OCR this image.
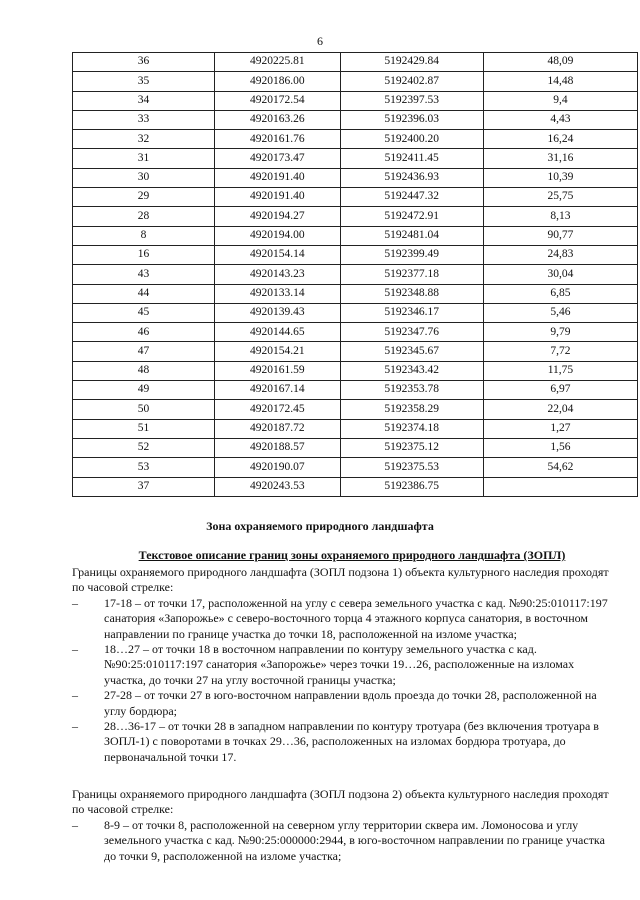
6
36	4920225.81	5192429.84	48,09
35	4920186.00	5192402.87	14,48
34	4920172.54	5192397.53	9,4
33	4920163.26	5192396.03	4,43
32	4920161.76	5192400.20	16,24
31	4920173.47	5192411.45	31,16
30	4920191.40	5192436.93	10,39
29	4920191.40	5192447.32	25,75
28	4920194.27	5192472.91	8,13
8	4920194.00	5192481.04	90,77
16	4920154.14	5192399.49	24,83
43	4920143.23	5192377.18	30,04
44	4920133.14	5192348.88	6,85
45	4920139.43	5192346.17	5,46
46	4920144.65	5192347.76	9,79
47	4920154.21	5192345.67	7,72
48	4920161.59	5192343.42	11,75
49	4920167.14	5192353.78	6,97
50	4920172.45	5192358.29	22,04
51	4920187.72	5192374.18	1,27
52	4920188.57	5192375.12	1,56
53	4920190.07	5192375.53	54,62
37	4920243.53	5192386.75	
Зона охраняемого природного ландшафта
Текстовое описание границ зоны охраняемого природного ландшафта (ЗОПЛ)

Границы охраняемого природного ландшафта (ЗОПЛ подзона 1) объекта культурного наследия проходят по часовой стрелке:

– 17-18 – от точки 17, расположенной на углу с севера земельного участка с кад. №90:25:010117:197 санатория «Запорожье» с северо-восточного торца 4 этажного корпуса санатория, в восточном направлении по границе участка до точки 18, расположенной на изломе участка;
– 18…27 – от точки 18 в восточном направлении по контуру земельного участка с кад. №90:25:010117:197 санатория «Запорожье» через точки 19…26, расположенные на изломах участка, до точки 27 на углу восточной границы участка;
– 27-28 – от точки 27 в юго-восточном направлении вдоль проезда до точки 28, расположенной на углу бордюра;
– 28…36-17 – от точки 28 в западном направлении по контуру тротуара (без включения тротуара в ЗОПЛ-1) с поворотами в точках 29…36, расположенных на изломах бордюра тротуара, до первоначальной точки 17.

Границы охраняемого природного ландшафта (ЗОПЛ подзона 2) объекта культурного наследия проходят по часовой стрелке:

– 8-9 – от точки 8, расположенной на северном углу территории сквера им. Ломоносова и углу земельного участка с кад. №90:25:000000:2944, в юго-восточном направлении по границе участка до точки 9, расположенной на изломе участка;
